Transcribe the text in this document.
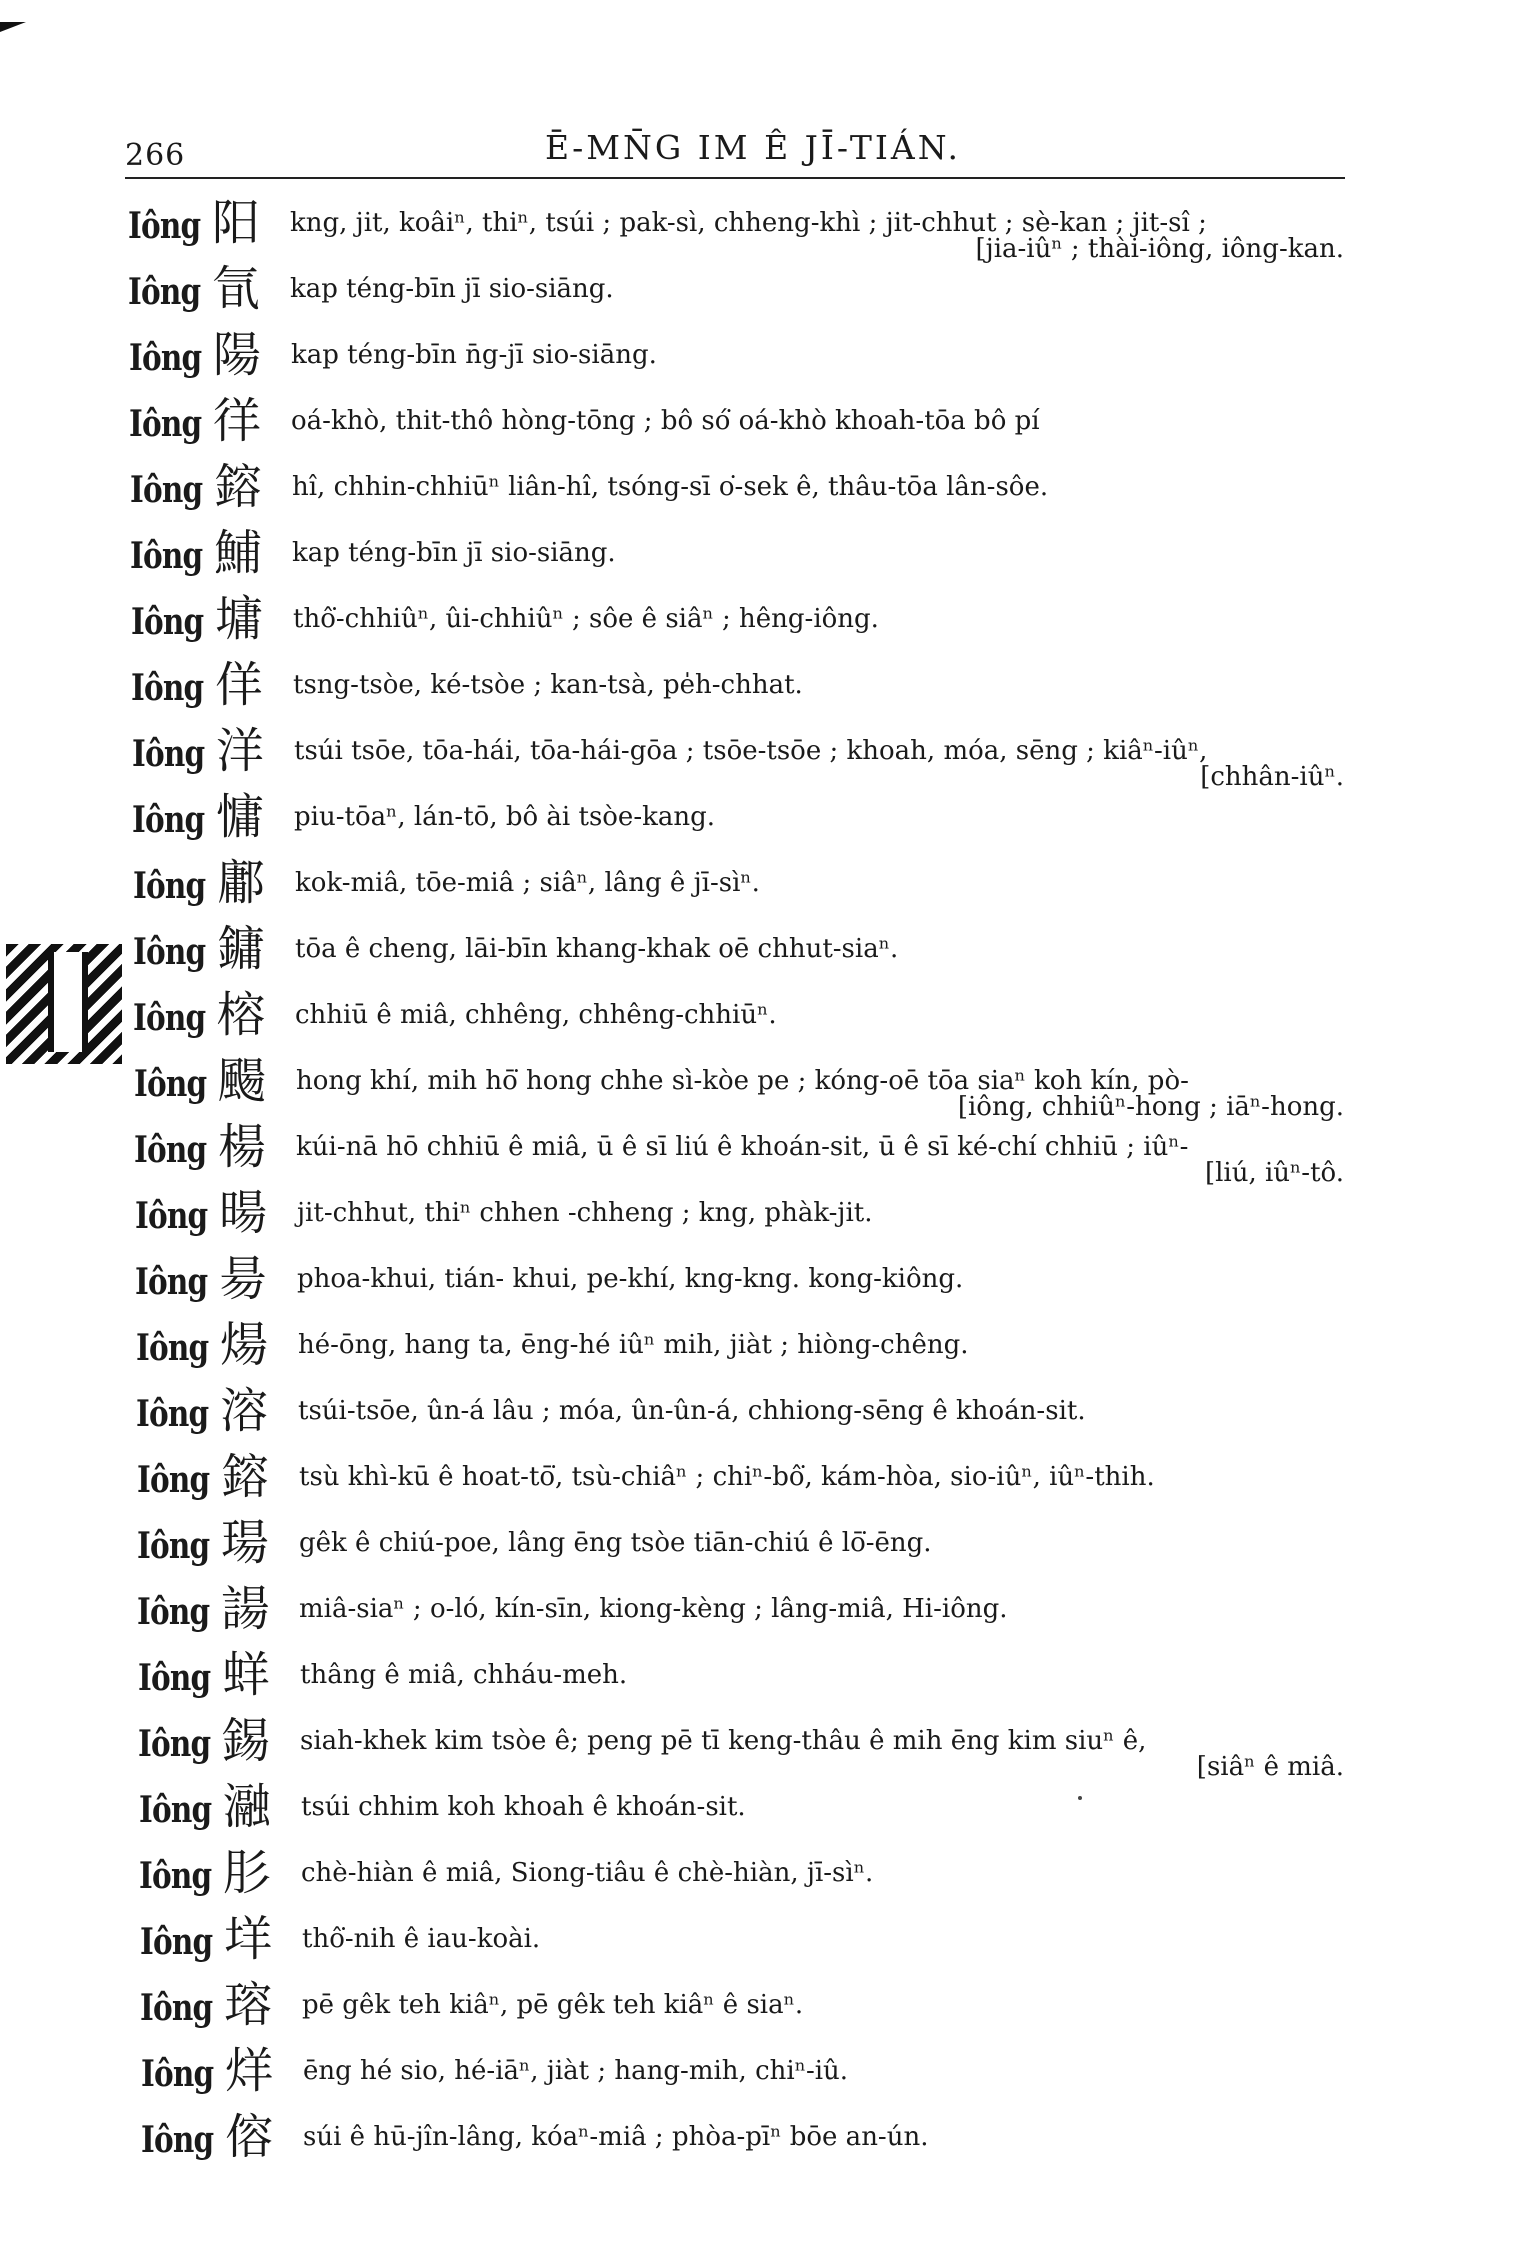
266	Ē-MN̄G IM Ê JĪ-TIÁN.
Iông 阳 kng, jit, koâiⁿ, thiⁿ, tsúi ; pak-sì, chheng-khì ; jit-chhut ; sè-kan ; jit-sî ;
[jia-iûⁿ ; thài-iông, iông-kan.
Iông 氜 kap téng-bīn jī sio-siāng.
Iông 陽 kap téng-bīn n̄g-jī sio-siāng.
Iông 徉 oá-khò, thit-thô hòng-tōng ; bô só͘ oá-khò khoah-tōa bô pí
Iông 鎔 hî, chhin-chhiūⁿ liân-hî, tsóng-sī o͘-sek ê, thâu-tōa lân-sôe.
Iông 鯆 kap téng-bīn jī sio-siāng.
Iông 墉 thô͘-chhiûⁿ, ûi-chhiûⁿ ; sôe ê siâⁿ ; hêng-iông.
Iông 佯 tsng-tsòe, ké-tsòe ; kan-tsà, pe̍h-chhat.
Iông 洋 tsúi tsōe, tōa-hái, tōa-hái-gōa ; tsōe-tsōe ; khoah, móa, sēng ; kiâⁿ-iûⁿ,
[chhân-iûⁿ.
Iông 慵 piu-tōaⁿ, lán-tō, bô ài tsòe-kang.
Iông 鄘 kok-miâ, tōe-miâ ; siâⁿ, lâng ê jī-sìⁿ.
Iông 鏞 tōa ê cheng, lāi-bīn khang-khak oē chhut-siaⁿ.
Iông 榕 chhiū ê miâ, chhêng, chhêng-chhiūⁿ.
Iông 颺 hong khí, mih hō͘ hong chhe sì-kòe pe ; kóng-oē tōa siaⁿ koh kín, pò-
[iông, chhiûⁿ-hong ; iāⁿ-hong.
Iông 楊 kúi-nā hō chhiū ê miâ, ū ê sī liú ê khoán-sit, ū ê sī ké-chí chhiū ; iûⁿ-
[liú, iûⁿ-tô.
Iông 暘 jit-chhut, thiⁿ chhen -chheng ; kng, phàk-jit.
Iông 昜 phoa-khui, tián- khui, pe-khí, kng-kng. kong-kiông.
Iông 煬 hé-ōng, hang ta, ēng-hé iûⁿ mih, jiàt ; hiòng-chêng.
Iông 溶 tsúi-tsōe, ûn-á lâu ; móa, ûn-ûn-á, chhiong-sēng ê khoán-sit.
Iông 鎔 tsù khì-kū ê hoat-tō͘, tsù-chiâⁿ ; chiⁿ-bô͘, kám-hòa, sio-iûⁿ, iûⁿ-thih.
Iông 瑒 gêk ê chiú-poe, lâng ēng tsòe tiān-chiú ê lō͘-ēng.
Iông 諹 miâ-siaⁿ ; o-ló, kín-sīn, kiong-kèng ; lâng-miâ, Hi-iông.
Iông 蛘 thâng ê miâ, chháu-meh.
Iông 錫 siah-khek kim tsòe ê; peng pē tī keng-thâu ê mih ēng kim siuⁿ ê,
[siâⁿ ê miâ.
Iông 瀜 tsúi chhim koh khoah ê khoán-sit.
Iông 肜 chè-hiàn ê miâ, Siong-tiâu ê chè-hiàn, jī-sìⁿ.
Iông 垟 thô͘-nih ê iau-koài.
Iông 瑢 pē gêk teh kiâⁿ, pē gêk teh kiâⁿ ê siaⁿ.
Iông 烊 ēng hé sio, hé-iāⁿ, jiàt ; hang-mih, chiⁿ-iû.
Iông 傛 súi ê hū-jîn-lâng, kóaⁿ-miâ ; phòa-pīⁿ bōe an-ún.
